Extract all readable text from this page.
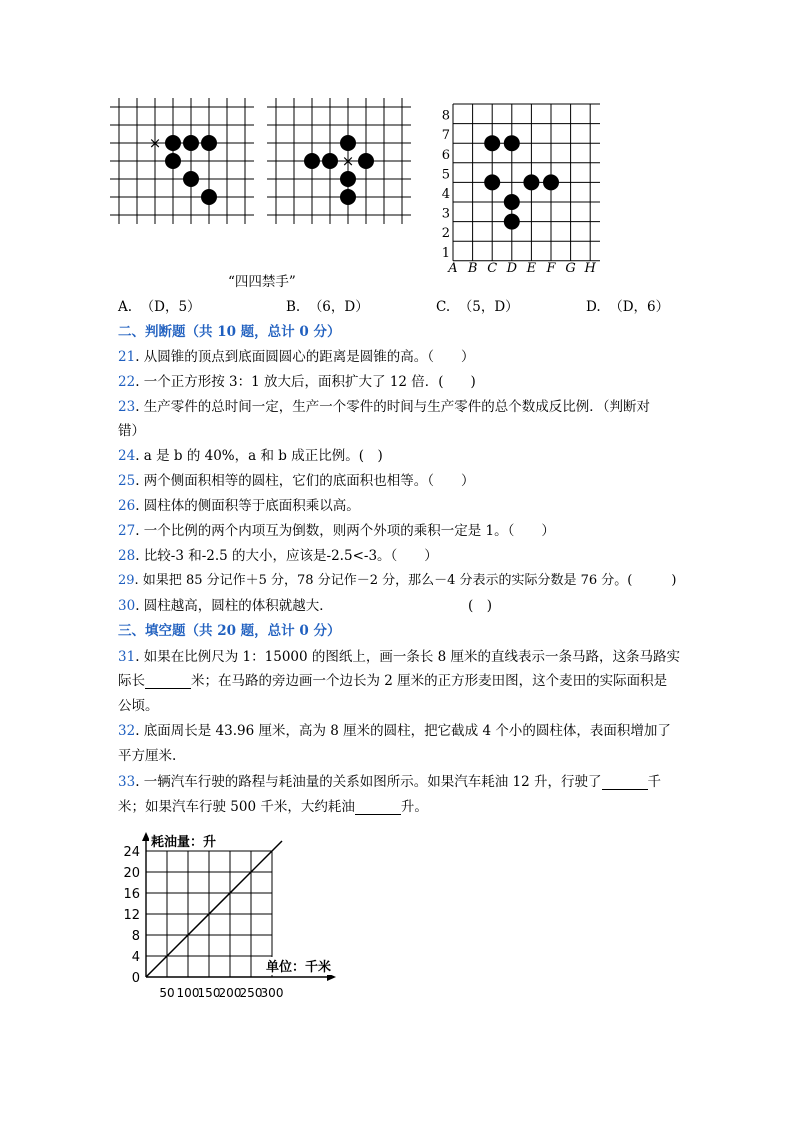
×
×
8
7
6
5
4
3
2
1
A B C D E F G H
“四四禁手”
A. （D，5）	B. （6，D）	C. （5，D）	D. （D，6）
二、判断题（共 10 题，总计 0 分）
21. 从圆锥的顶点到底面圆圆心的距离是圆锥的高。（　　）
22. 一个正方形按 3：1 放大后，面积扩大了 12 倍．(　　)
23. 生产零件的总时间一定，生产一个零件的时间与生产零件的总个数成反比例．（判断对
错）
24. a 是 b 的 40%，a 和 b 成正比例。(　)
25. 两个侧面积相等的圆柱，它们的底面积也相等。（　　）
26. 圆柱体的侧面积等于底面积乘以高。
27. 一个比例的两个内项互为倒数，则两个外项的乘积一定是 1。（　　）
28. 比较-3 和-2.5 的大小，应该是-2.5<-3。（　　）
29. 如果把 85 分记作＋5 分，78 分记作－2 分，那么－4 分表示的实际分数是 76 分。(　　　)
30. 圆柱越高，圆柱的体积就越大．	(　)
三、填空题（共 20 题，总计 0 分）
31. 如果在比例尺为 1：15000 的图纸上，画一条长 8 厘米的直线表示一条马路，这条马路实
际长	米；在马路的旁边画一个边长为 2 厘米的正方形麦田图，这个麦田的实际面积是
公顷。
32. 底面周长是 43.96 厘米，高为 8 厘米的圆柱，把它截成 4 个小的圆柱体，表面积增加了
平方厘米.
33. 一辆汽车行驶的路程与耗油量的关系如图所示。如果汽车耗油 12 升，行驶了	千
米；如果汽车行驶 500 千米，大约耗油	升。
0
4
8
12
16
20
24
50 100
150
200
250
300
耗油量：升
单位：千米
